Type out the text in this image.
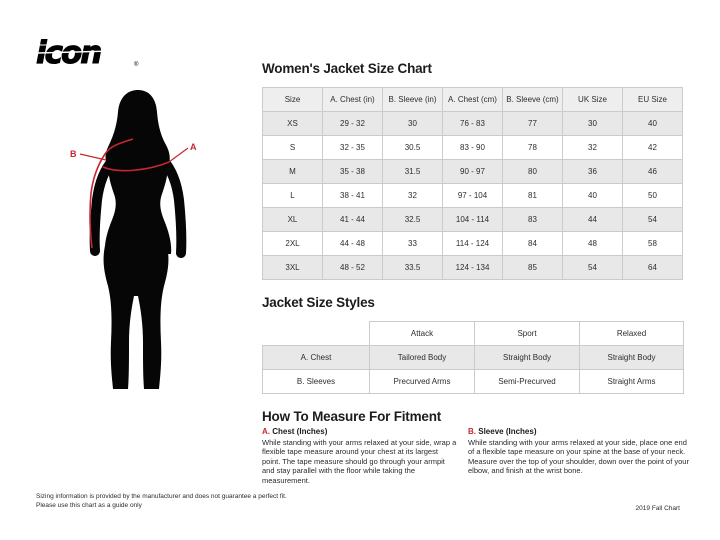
icon	®
A
B
Women's Jacket Size Chart
Size	A. Chest (in)	B. Sleeve (in)	A. Chest (cm)	B. Sleeve (cm)	UK Size	EU Size
XS	29 - 32	30	76 - 83	77	30	40
S	32 - 35	30.5	83 - 90	78	32	42
M	35 - 38	31.5	90 - 97	80	36	46
L	38 - 41	32	97 - 104	81	40	50
XL	41 - 44	32.5	104 - 114	83	44	54
2XL	44 - 48	33	114 - 124	84	48	58
3XL	48 - 52	33.5	124 - 134	85	54	64
Jacket Size Styles
	Attack	Sport	Relaxed
A. Chest	Tailored Body	Straight Body	Straight Body
B. Sleeves	Precurved Arms	Semi-Precurved	Straight Arms
How To Measure For Fitment
A. Chest (Inches)
While standing with your arms relaxed at your side, wrap a flexible tape measure around your chest at its largest point. The tape measure should go through your armpit and stay parallel with the floor while taking the measurement.
B. Sleeve (Inches)
While standing with your arms relaxed at your side, place one end of a flexible tape measure on your spine at the base of your neck. Measure over the top of your shoulder, down over the point of your elbow, and finish at the wrist bone.
Sizing information is provided by the manufacturer and does not guarantee a perfect fit.
Please use this chart as a guide only	2019 Fall Chart
